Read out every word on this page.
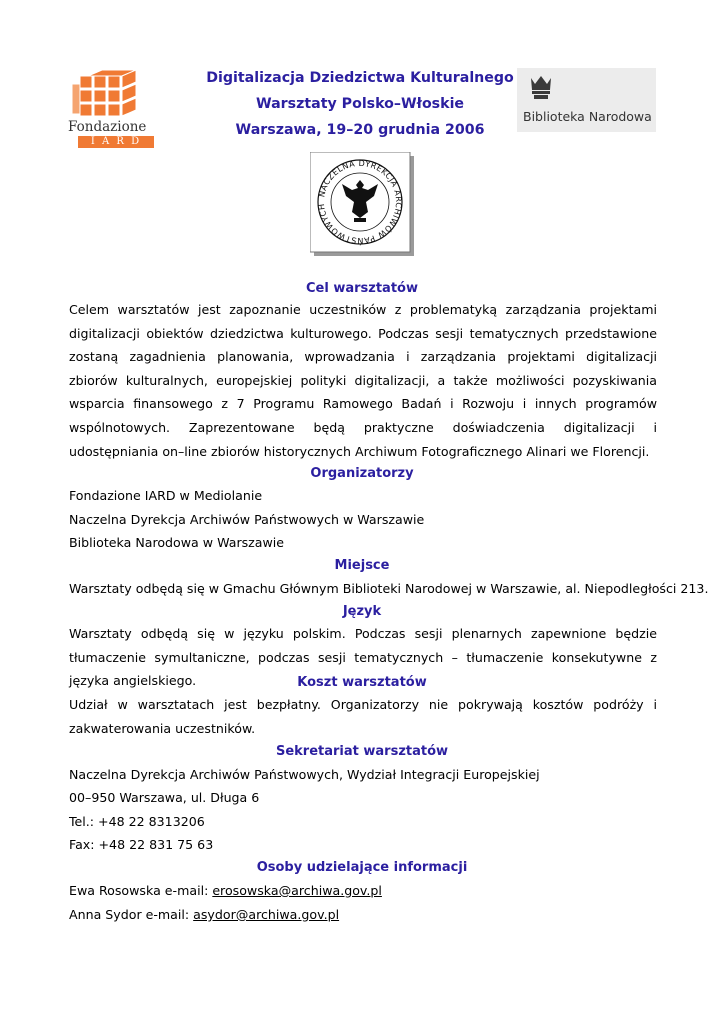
Fondazione
I A R D
Digitalizacja Dziedzictwa Kulturalnego
Warsztaty Polsko–Włoskie
Warszawa, 19–20 grudnia 2006
Biblioteka Narodowa
NACZELNA DYREKCJA ARCHIWÓW PAŃSTWOWYCH
Cel warsztatów
Celem warsztatów jest zapoznanie uczestników z problematyką zarządzania projektami digitalizacji obiektów dziedzictwa kulturowego. Podczas sesji tematycznych przedstawione zostaną zagadnienia planowania, wprowadzania i zarządzania projektami digitalizacji zbiorów kulturalnych, europejskiej polityki digitalizacji, a także możliwości pozyskiwania wsparcia finansowego z 7 Programu Ramowego Badań i Rozwoju i innych programów wspólnotowych. Zaprezentowane będą praktyczne doświadczenia digitalizacji i udostępniania on–line zbiorów historycznych Archiwum Fotograficznego Alinari we Florencji.
Organizatorzy
Fondazione IARD w Mediolanie
Naczelna Dyrekcja Archiwów Państwowych w Warszawie
Biblioteka Narodowa w Warszawie
Miejsce
Warsztaty odbędą się w Gmachu Głównym Biblioteki Narodowej w Warszawie, al. Niepodległości 213.
Język
Warsztaty odbędą się w języku polskim. Podczas sesji plenarnych zapewnione będzie tłumaczenie symultaniczne, podczas sesji tematycznych – tłumaczenie konsekutywne z języka angielskiego.	Koszt warsztatów
Udział w warsztatach jest bezpłatny. Organizatorzy nie pokrywają kosztów podróży i zakwaterowania uczestników.
Sekretariat warsztatów
Naczelna Dyrekcja Archiwów Państwowych, Wydział Integracji Europejskiej
00–950 Warszawa, ul. Długa 6
Tel.: +48 22 8313206
Fax: +48 22 831 75 63
Osoby udzielające informacji
Ewa Rosowska e-mail: erosowska@archiwa.gov.pl
Anna Sydor e-mail: asydor@archiwa.gov.pl
